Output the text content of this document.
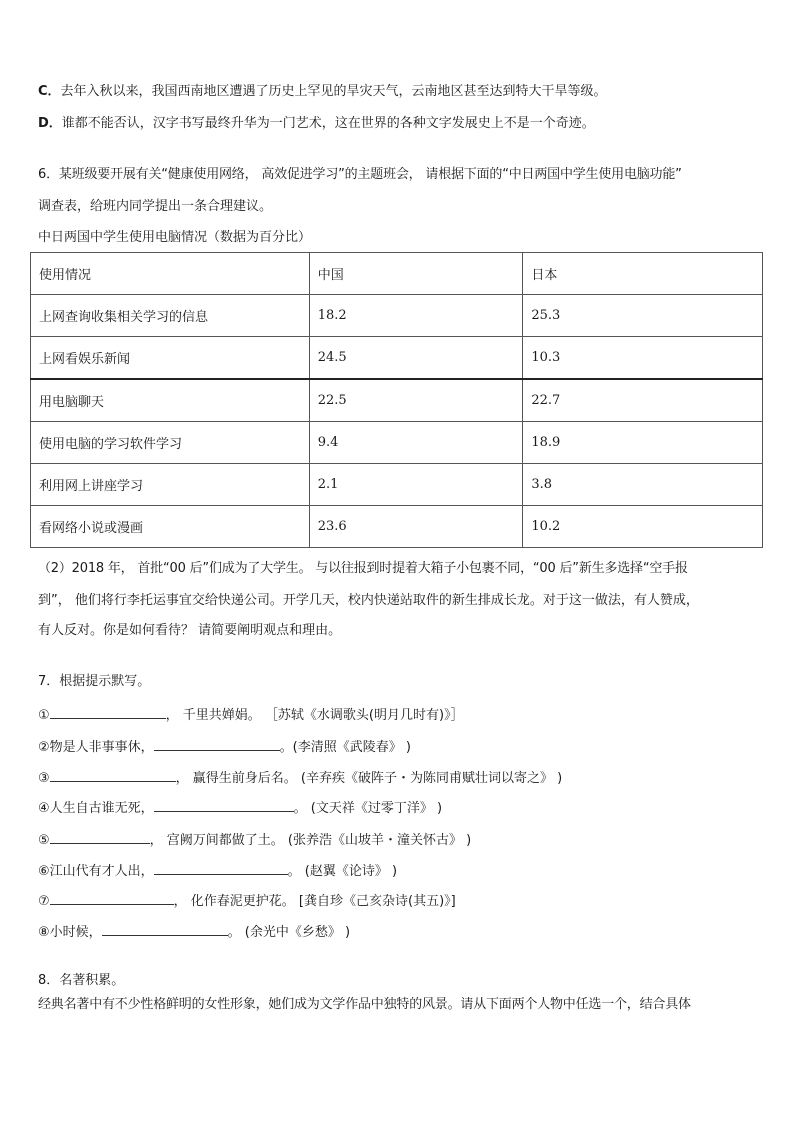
C．去年入秋以来，我国西南地区遭遇了历史上罕见的旱灾天气，云南地区甚至达到特大干旱等级。
D．谁都不能否认，汉字书写最终升华为一门艺术，这在世界的各种文字发展史上不是一个奇迹。
6．某班级要开展有关“健康使用网络， 高效促进学习”的主题班会， 请根据下面的“中日两国中学生使用电脑功能”
调查表，给班内同学提出一条合理建议。
中日两国中学生使用电脑情况（数据为百分比）
使用情况	中国	日本
上网查询收集相关学习的信息	18.2	25.3
上网看娱乐新闻	24.5	10.3
用电脑聊天	22.5	22.7
使用电脑的学习软件学习	9.4	18.9
利用网上讲座学习	2.1	3.8
看网络小说或漫画	23.6	10.2
（2）2018 年， 首批“00 后”们成为了大学生。 与以往报到时提着大箱子小包裹不同，“00 后”新生多选择“空手报
到”， 他们将行李托运事宜交给快递公司。开学几天，校内快递站取件的新生排成长龙。对于这一做法，有人赞成，
有人反对。你是如何看待？ 请简要阐明观点和理由。
7．根据提示默写。
①	， 千里共婵娟。 ［苏轼《水调歌头(明月几时有)》］
②物是人非事事休，	。(李清照《武陵春》 )
③	， 赢得生前身后名。 (辛弃疾《破阵子・为陈同甫赋壮词以寄之》 )
④人生自古谁无死，	。 (文天祥《过零丁洋》 )
⑤	， 宫阙万间都做了土。 (张养浩《山坡羊・潼关怀古》 )
⑥江山代有才人出，	。 (赵翼《论诗》 )
⑦	， 化作春泥更护花。 [龚自珍《己亥杂诗(其五)》]
⑧小时候，	。 (余光中《乡愁》 )
8．名著积累。
经典名著中有不少性格鲜明的女性形象，她们成为文学作品中独特的风景。请从下面两个人物中任选一个，结合具体
